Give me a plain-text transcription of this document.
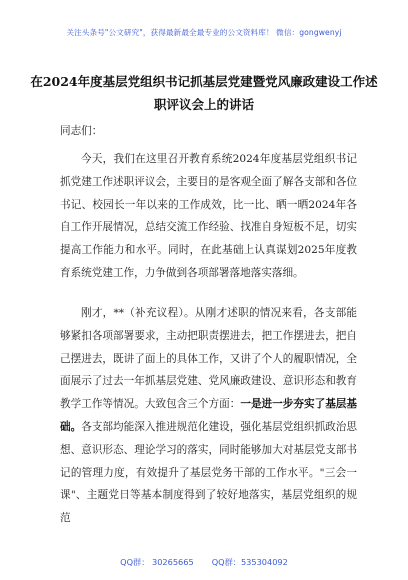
关注头条号"公文研究"，获得最新最全最专业的公文资料库！ 微信：gongwenyj
在2024年度基层党组织书记抓基层党建暨党风廉政建设工作述职评议会上的讲话
同志们：
今天，我们在这里召开教育系统2024年度基层党组织书记抓党建工作述职评议会，主要目的是客观全面了解各支部和各位书记、校园长一年以来的工作成效，比一比、晒一晒2024年各自工作开展情况，总结交流工作经验、找准自身短板不足，切实提高工作能力和水平。同时，在此基础上认真谋划2025年度教育系统党建工作，力争做到各项部署落地落实落细。
刚才，**（补充议程）。从刚才述职的情况来看，各支部能够紧扣各项部署要求，主动把职责摆进去，把工作摆进去，把自己摆进去，既讲了面上的具体工作，又讲了个人的履职情况，全面展示了过去一年抓基层党建、党风廉政建设、意识形态和教育教学工作等情况。大致包含三个方面：一是进一步夯实了基层基础。各支部均能深入推进规范化建设，强化基层党组织抓政治思想、意识形态、理论学习的落实，同时能够加大对基层党支部书记的管理力度，有效提升了基层党务干部的工作水平。"三会一课"、主题党日等基本制度得到了较好地落实，基层党组织的规范
QQ群： 30265665 QQ群：535304092
